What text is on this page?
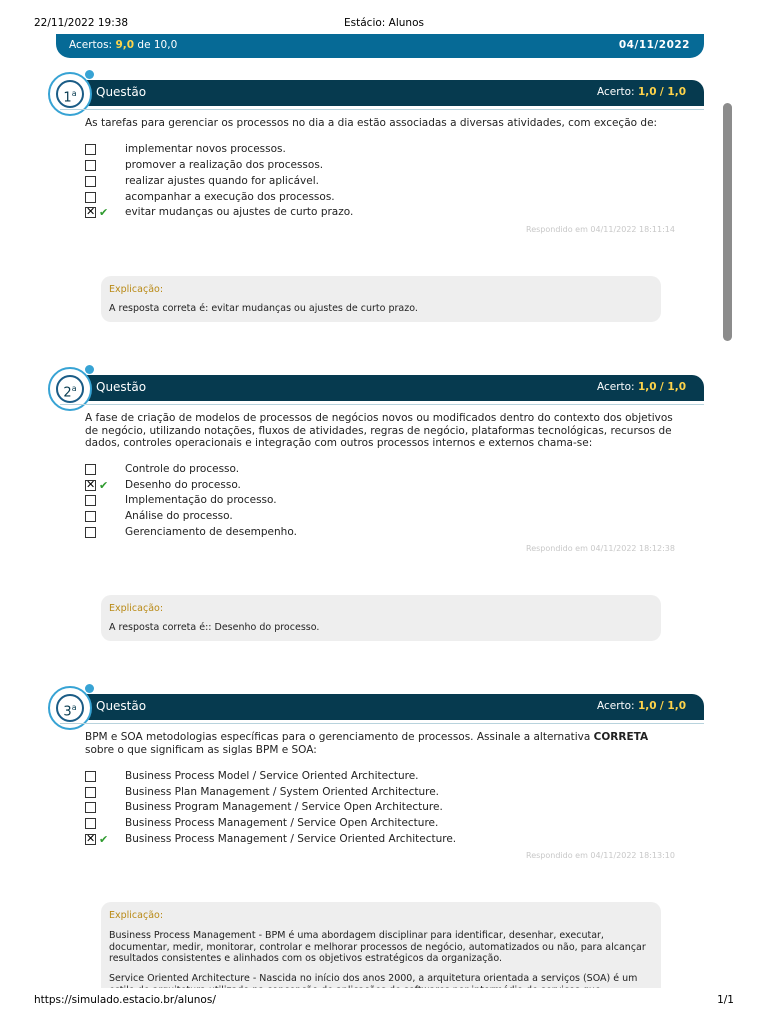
22/11/2022 19:38	Estácio: Alunos
Acertos: 9,0 de 10,0	04/11/2022
Questão	Acerto: 1,0 / 1,0
1$^a$
As tarefas para gerenciar os processos no dia a dia estão associadas a diversas atividades, com exceção de:
implementar novos processos.
promover a realização dos processos.
realizar ajustes quando for aplicável.
acompanhar a execução dos processos.
✕ ✔ evitar mudanças ou ajustes de curto prazo.
Respondido em 04/11/2022 18:11:14
Explicação:
A resposta correta é: evitar mudanças ou ajustes de curto prazo.
Questão	Acerto: 1,0 / 1,0
2$^a$
A fase de criação de modelos de processos de negócios novos ou modificados dentro do contexto dos objetivos de negócio, utilizando notações, fluxos de atividades, regras de negócio, plataformas tecnológicas, recursos de dados, controles operacionais e integração com outros processos internos e externos chama-se:
Controle do processo.
✕ ✔ Desenho do processo.
Implementação do processo.
Análise do processo.
Gerenciamento de desempenho.
Respondido em 04/11/2022 18:12:38
Explicação:
A resposta correta é:: Desenho do processo.
Questão	Acerto: 1,0 / 1,0
3$^a$
BPM e SOA metodologias específicas para o gerenciamento de processos. Assinale a alternativa CORRETA sobre o que significam as siglas BPM e SOA:
Business Process Model / Service Oriented Architecture.
Business Plan Management / System Oriented Architecture.
Business Program Management / Service Open Architecture.
Business Process Management / Service Open Architecture.
✕ ✔ Business Process Management / Service Oriented Architecture.
Respondido em 04/11/2022 18:13:10
Explicação:
Business Process Management - BPM é uma abordagem disciplinar para identificar, desenhar, executar, documentar, medir, monitorar, controlar e melhorar processos de negócio, automatizados ou não, para alcançar resultados consistentes e alinhados com os objetivos estratégicos da organização.
Service Oriented Architecture - Nascida no início dos anos 2000, a arquitetura orientada a serviços (SOA) é um
https://simulado.estacio.br/alunos/	1/1
